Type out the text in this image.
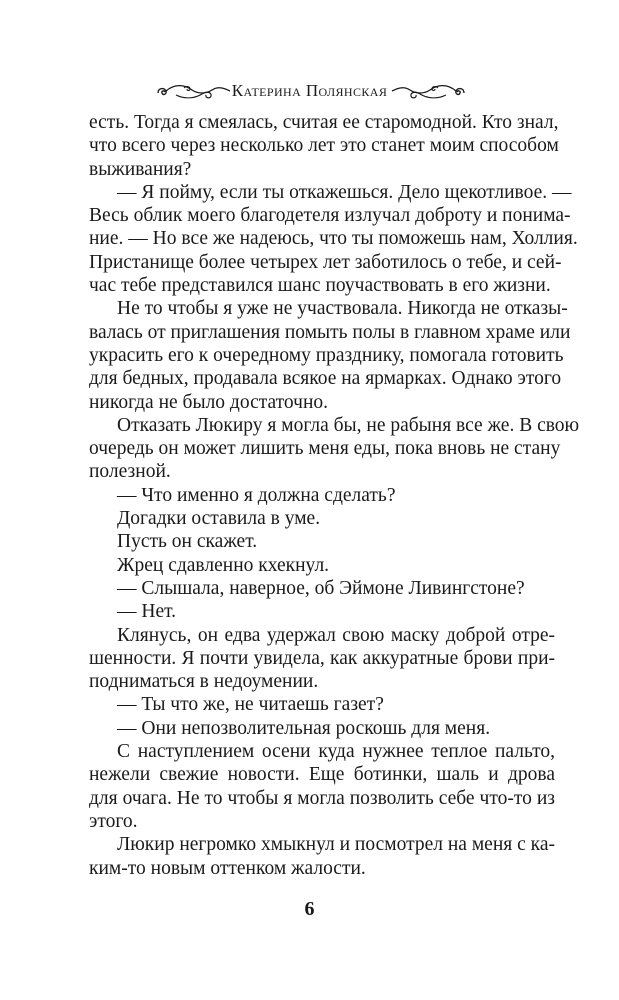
Катерина Полянская
есть. Тогда я смеялась, считая ее старомодной. Кто знал,
что всего через несколько лет это станет моим способом
выживания?
— Я пойму, если ты откажешься. Дело щекотливое. —
Весь облик моего благодетеля излучал доброту и понима-
ние. — Но все же надеюсь, что ты поможешь нам, Холлия.
Пристанище более четырех лет заботилось о тебе, и сей-
час тебе представился шанс поучаствовать в его жизни.
Не то чтобы я уже не участвовала. Никогда не отказы-
валась от приглашения помыть полы в главном храме или
украсить его к очередному празднику, помогала готовить
для бедных, продавала всякое на ярмарках. Однако этого
никогда не было достаточно.
Отказать Люкиру я могла бы, не рабыня все же. В свою
очередь он может лишить меня еды, пока вновь не стану
полезной.
— Что именно я должна сделать?
Догадки оставила в уме.
Пусть он скажет.
Жрец сдавленно кхекнул.
— Слышала, наверное, об Эймоне Ливингстоне?
— Нет.
Клянусь, он едва удержал свою маску доброй отре-
шенности. Я почти увидела, как аккуратные брови при-
подниматься в недоумении.
— Ты что же, не читаешь газет?
— Они непозволительная роскошь для меня.
С наступлением осени куда нужнее теплое пальто,
нежели свежие новости. Еще ботинки, шаль и дрова
для очага. Не то чтобы я могла позволить себе что-то из
этого.
Люкир негромко хмыкнул и посмотрел на меня с ка-
ким-то новым оттенком жалости.
6
